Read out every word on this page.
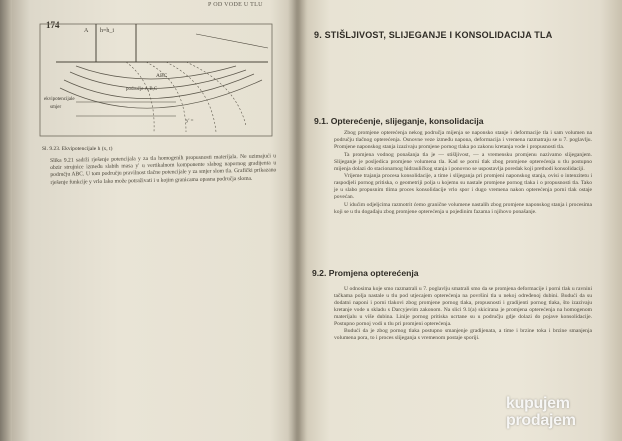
P OD VODE U TLU
174
h=h_i
A
ABC
ekvipotencijale
smjer
y' =
područje A,B,C
Sl. 9.23. Ekvipotencijale h (x, t)
Slika 9.21 sadrži rješenje potencijala y za tla homogenih propusnosti materijala. Ne uzimajući u obzir strujnice između slabih masa y' u vertikalnom komponente slabog napornog gradijenta u području ABC. U tom području pravilnost tlačne potencijale y za smjer slom tla. Grafički prikazano rješenje funkcije y vrlo lako može potraživati i u kojim granicama opasna područja sloma.
9. STIŠLJIVOST, SLIJEGANJE I KONSOLIDACIJA TLA
9.1. Opterećenje, slijeganje, konsolidacija

Zbog promjene opterećenja nekog područja mijenja se naponsko stanje i deformacije tla i sam volumen na području tlačnog opterećenja. Osnovne veze između napona, deformacija i vremena razmatraju se u 7. poglavlju. Promjene naponskog stanja izazivaju promjene pornog tlaka po zakonu kretanja vode i propusnosti tla.

Ta promjena vodnog ponašanja tla je — stišljivost, — a vremensku promjenu nazivamo slijeganjem. Slijeganje je posljedica promjene volumena tla. Kad se porni tlak zbog promjene opterećenja u tlu postupno mijenja dolazi do stacionarnog hidrauličkog stanja i ponovno se uspostavlja poredak koji prethodi konsolidaciji.

Vrijeme trajanja procesa konsolidacije, a time i slijeganja pri promjeni naponskog stanja, ovisi o intenzitetu i raspodjeli pornog pritiska, o geometriji polja u kojemu su nastale promjene pornog tlaka i o propusnosti tla. Tako je u slabo propusnim tlima proces konsolidacije vrlo spor i dugo vremena nakon opterećenja porni tlak ostaje povećan.

U idućim odjeljcima razmotrit ćemo granične volumene nastalih zbog promjene naponskog stanja i procesima koji se u tlu događaju zbog promjene opterećenja u pojedinim fazama i njihovo ponašanje.

9.2. Promjena opterećenja

U odnosima koje smo razmatrali u 7. poglavlju smatrali smo da se promjena deformacije i porni tlak u ravnini tačkama polja nastale u tlu pod utjecajem opterećenja na površini tla u nekoj određenoj dubini. Budući da su dodatni naponi i porni tlakovi zbog promjene pornog tlaka, propusnosti i gradijenti pornog tlaka, što izazivaju kretanje vode u skladu s Darcyjevim zakonom. Na slici 9.1(a) skicirana je promjena opterećenja na homogenom materijalu u više dubina. Linije pornog pritiska ucrtane su u području gdje dolazi do pojave konsolidacije. Postupno pornoj vodi u tlu pri promjeni opterećenja.

Budući da je zbog pornog tlaka postupno smanjenje gradijenata, a time i brzine toka i brzine smanjenja volumena pora, to i proces slijeganja s vremenom postaje sporiji.

kupujem
prodajem
